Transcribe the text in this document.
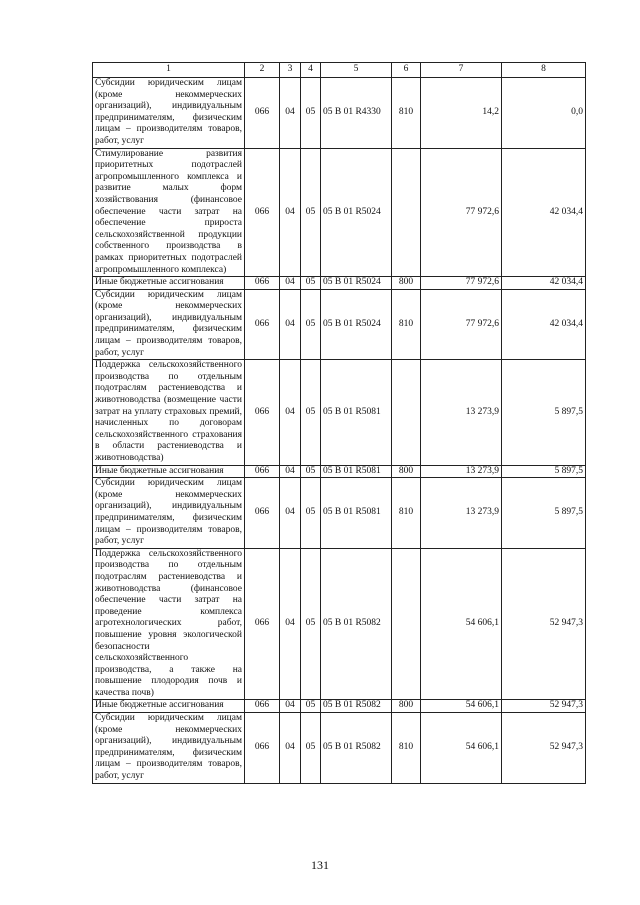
1	2	3	4	5	6	7	8
Субсидии юридическим лицам (кроме некоммерческих организаций), индивидуальным предпринимателям, физическим лицам – производителям товаров, работ, услуг	066	04	05	05 В 01 R4330	810	14,2	0,0
Стимулирование развития приоритетных подотраслей агропромышленного комплекса и развитие малых форм хозяйствования (финансовое обеспечение части затрат на обеспечение прироста сельскохозяйственной продукции собственного производства в рамках приоритетных подотраслей агропромышленного комплекса)	066	04	05	05 В 01 R5024		77 972,6	42 034,4
Иные бюджетные ассигнования	066	04	05	05 В 01 R5024	800	77 972,6	42 034,4
Субсидии юридическим лицам (кроме некоммерческих организаций), индивидуальным предпринимателям, физическим лицам – производителям товаров, работ, услуг	066	04	05	05 В 01 R5024	810	77 972,6	42 034,4
Поддержка сельскохозяйственного производства по отдельным подотраслям растениеводства и животноводства (возмещение части затрат на уплату страховых премий, начисленных по договорам сельскохозяйственного страхования в области растениеводства и животноводства)	066	04	05	05 В 01 R5081		13 273,9	5 897,5
Иные бюджетные ассигнования	066	04	05	05 В 01 R5081	800	13 273,9	5 897,5
Субсидии юридическим лицам (кроме некоммерческих организаций), индивидуальным предпринимателям, физическим лицам – производителям товаров, работ, услуг	066	04	05	05 В 01 R5081	810	13 273,9	5 897,5
Поддержка сельскохозяйственного производства по отдельным подотраслям растениеводства и животноводства (финансовое обеспечение части затрат на проведение комплекса агротехнологических работ, повышение уровня экологической безопасности сельскохозяйственного производства, а также на повышение плодородия почв и качества почв)	066	04	05	05 В 01 R5082		54 606,1	52 947,3
Иные бюджетные ассигнования	066	04	05	05 В 01 R5082	800	54 606,1	52 947,3
Субсидии юридическим лицам (кроме некоммерческих организаций), индивидуальным предпринимателям, физическим лицам – производителям товаров, работ, услуг	066	04	05	05 В 01 R5082	810	54 606,1	52 947,3
131
